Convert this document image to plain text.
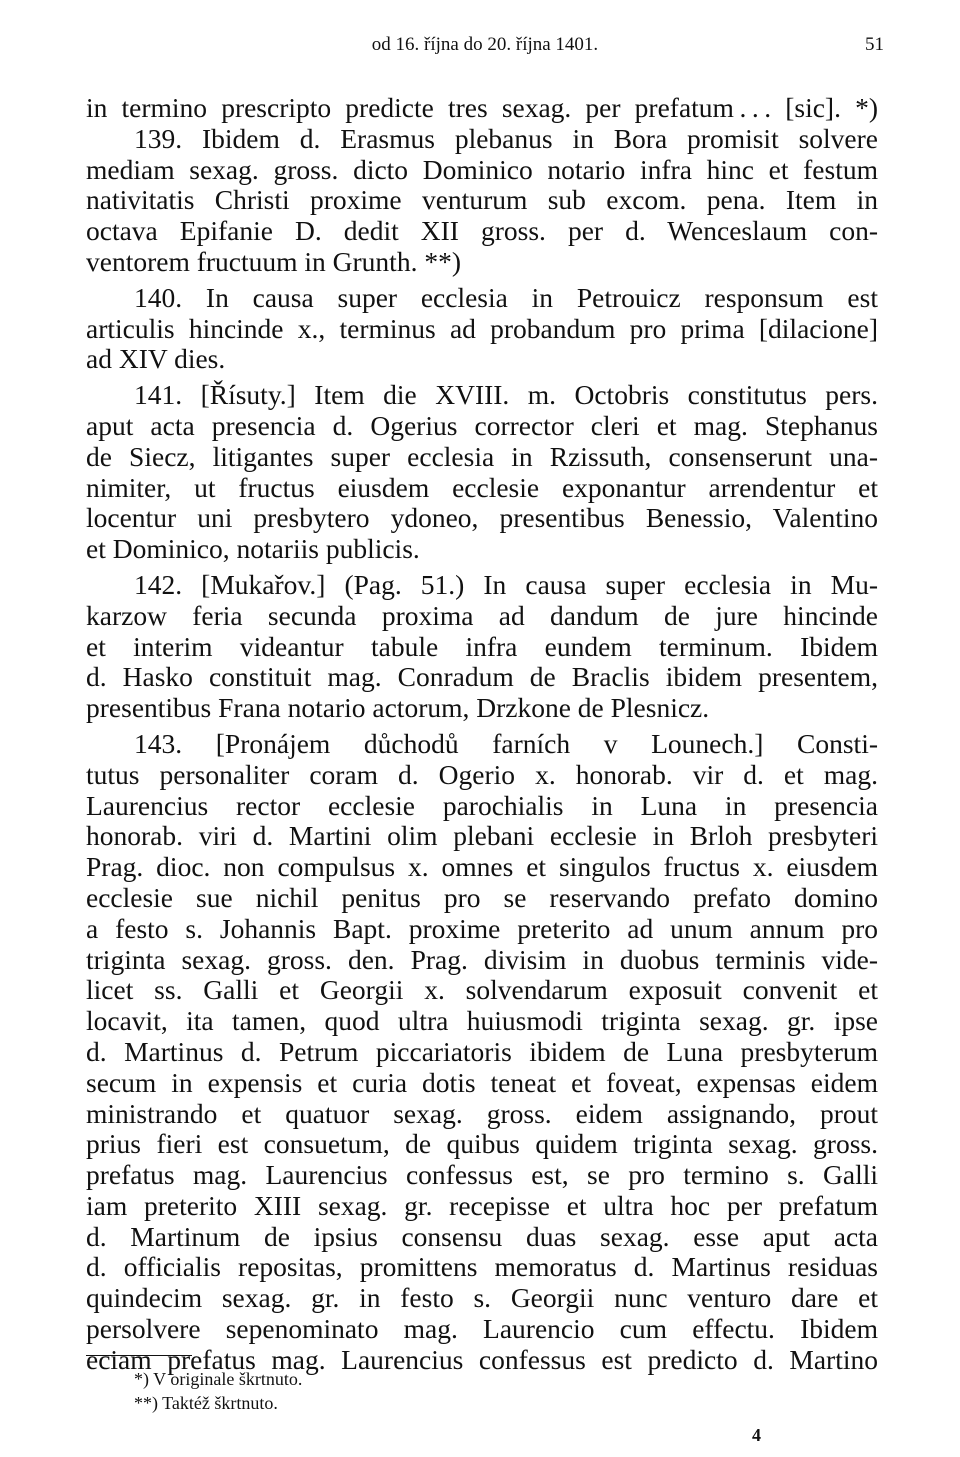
od 16. října do 20. října 1401.	51
in termino prescripto predicte tres sexag. per prefatum . . . [sic]. *)
139. Ibidem d. Erasmus plebanus in Bora promisit solvere
mediam sexag. gross. dicto Dominico notario infra hinc et festum
nativitatis Christi proxime venturum sub excom. pena. Item in
octava Epifanie D. dedit XII gross. per d. Wenceslaum con-
ventorem fructuum in Grunth. **)
140. In causa super ecclesia in Petrouicz responsum est
articulis hincinde x., terminus ad probandum pro prima [dilacione]
ad XIV dies.
141. [Řísuty.] Item die XVIII. m. Octobris constitutus pers.
aput acta presencia d. Ogerius corrector cleri et mag. Stephanus
de Siecz, litigantes super ecclesia in Rzissuth, consenserunt una-
nimiter, ut fructus eiusdem ecclesie exponantur arrendentur et
locentur uni presbytero ydoneo, presentibus Benessio, Valentino
et Dominico, notariis publicis.
142. [Mukařov.] (Pag. 51.) In causa super ecclesia in Mu-
karzow feria secunda proxima ad dandum de jure hincinde
et interim videantur tabule infra eundem terminum. Ibidem
d. Hasko constituit mag. Conradum de Braclis ibidem presentem,
presentibus Frana notario actorum, Drzkone de Plesnicz.
143. [Pronájem důchodů farních v Lounech.] Consti-
tutus personaliter coram d. Ogerio x. honorab. vir d. et mag.
Laurencius rector ecclesie parochialis in Luna in presencia
honorab. viri d. Martini olim plebani ecclesie in Brloh presbyteri
Prag. dioc. non compulsus x. omnes et singulos fructus x. eiusdem
ecclesie sue nichil penitus pro se reservando prefato domino
a festo s. Johannis Bapt. proxime preterito ad unum annum pro
triginta sexag. gross. den. Prag. divisim in duobus terminis vide-
licet ss. Galli et Georgii x. solvendarum exposuit convenit et
locavit, ita tamen, quod ultra huiusmodi triginta sexag. gr. ipse
d. Martinus d. Petrum piccariatoris ibidem de Luna presbyterum
secum in expensis et curia dotis teneat et foveat, expensas eidem
ministrando et quatuor sexag. gross. eidem assignando, prout
prius fieri est consuetum, de quibus quidem triginta sexag. gross.
prefatus mag. Laurencius confessus est, se pro termino s. Galli
iam preterito XIII sexag. gr. recepisse et ultra hoc per prefatum
d. Martinum de ipsius consensu duas sexag. esse aput acta
d. officialis repositas, promittens memoratus d. Martinus residuas
quindecim sexag. gr. in festo s. Georgii nunc venturo dare et
persolvere sepenominato mag. Laurencio cum effectu. Ibidem
eciam prefatus mag. Laurencius confessus est predicto d. Martino
*) V originale škrtnuto.
**) Taktéž škrtnuto.
4
